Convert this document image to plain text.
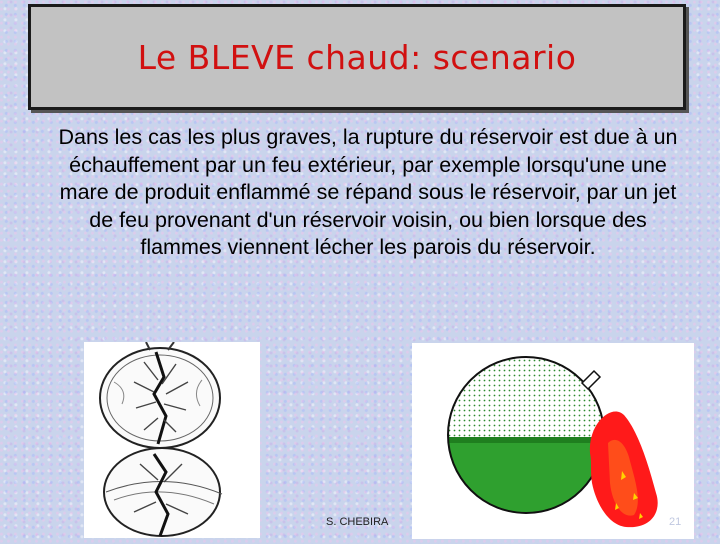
Le BLEVE chaud: scenario
Dans les cas les plus graves, la rupture du réservoir est due à un échauffement par un feu extérieur, par exemple lorsqu'une une mare de produit enflammé se répand sous le réservoir, par un jet de feu provenant d'un réservoir voisin, ou bien lorsque des flammes viennent lécher les parois du réservoir.
S. CHEBIRA	21
